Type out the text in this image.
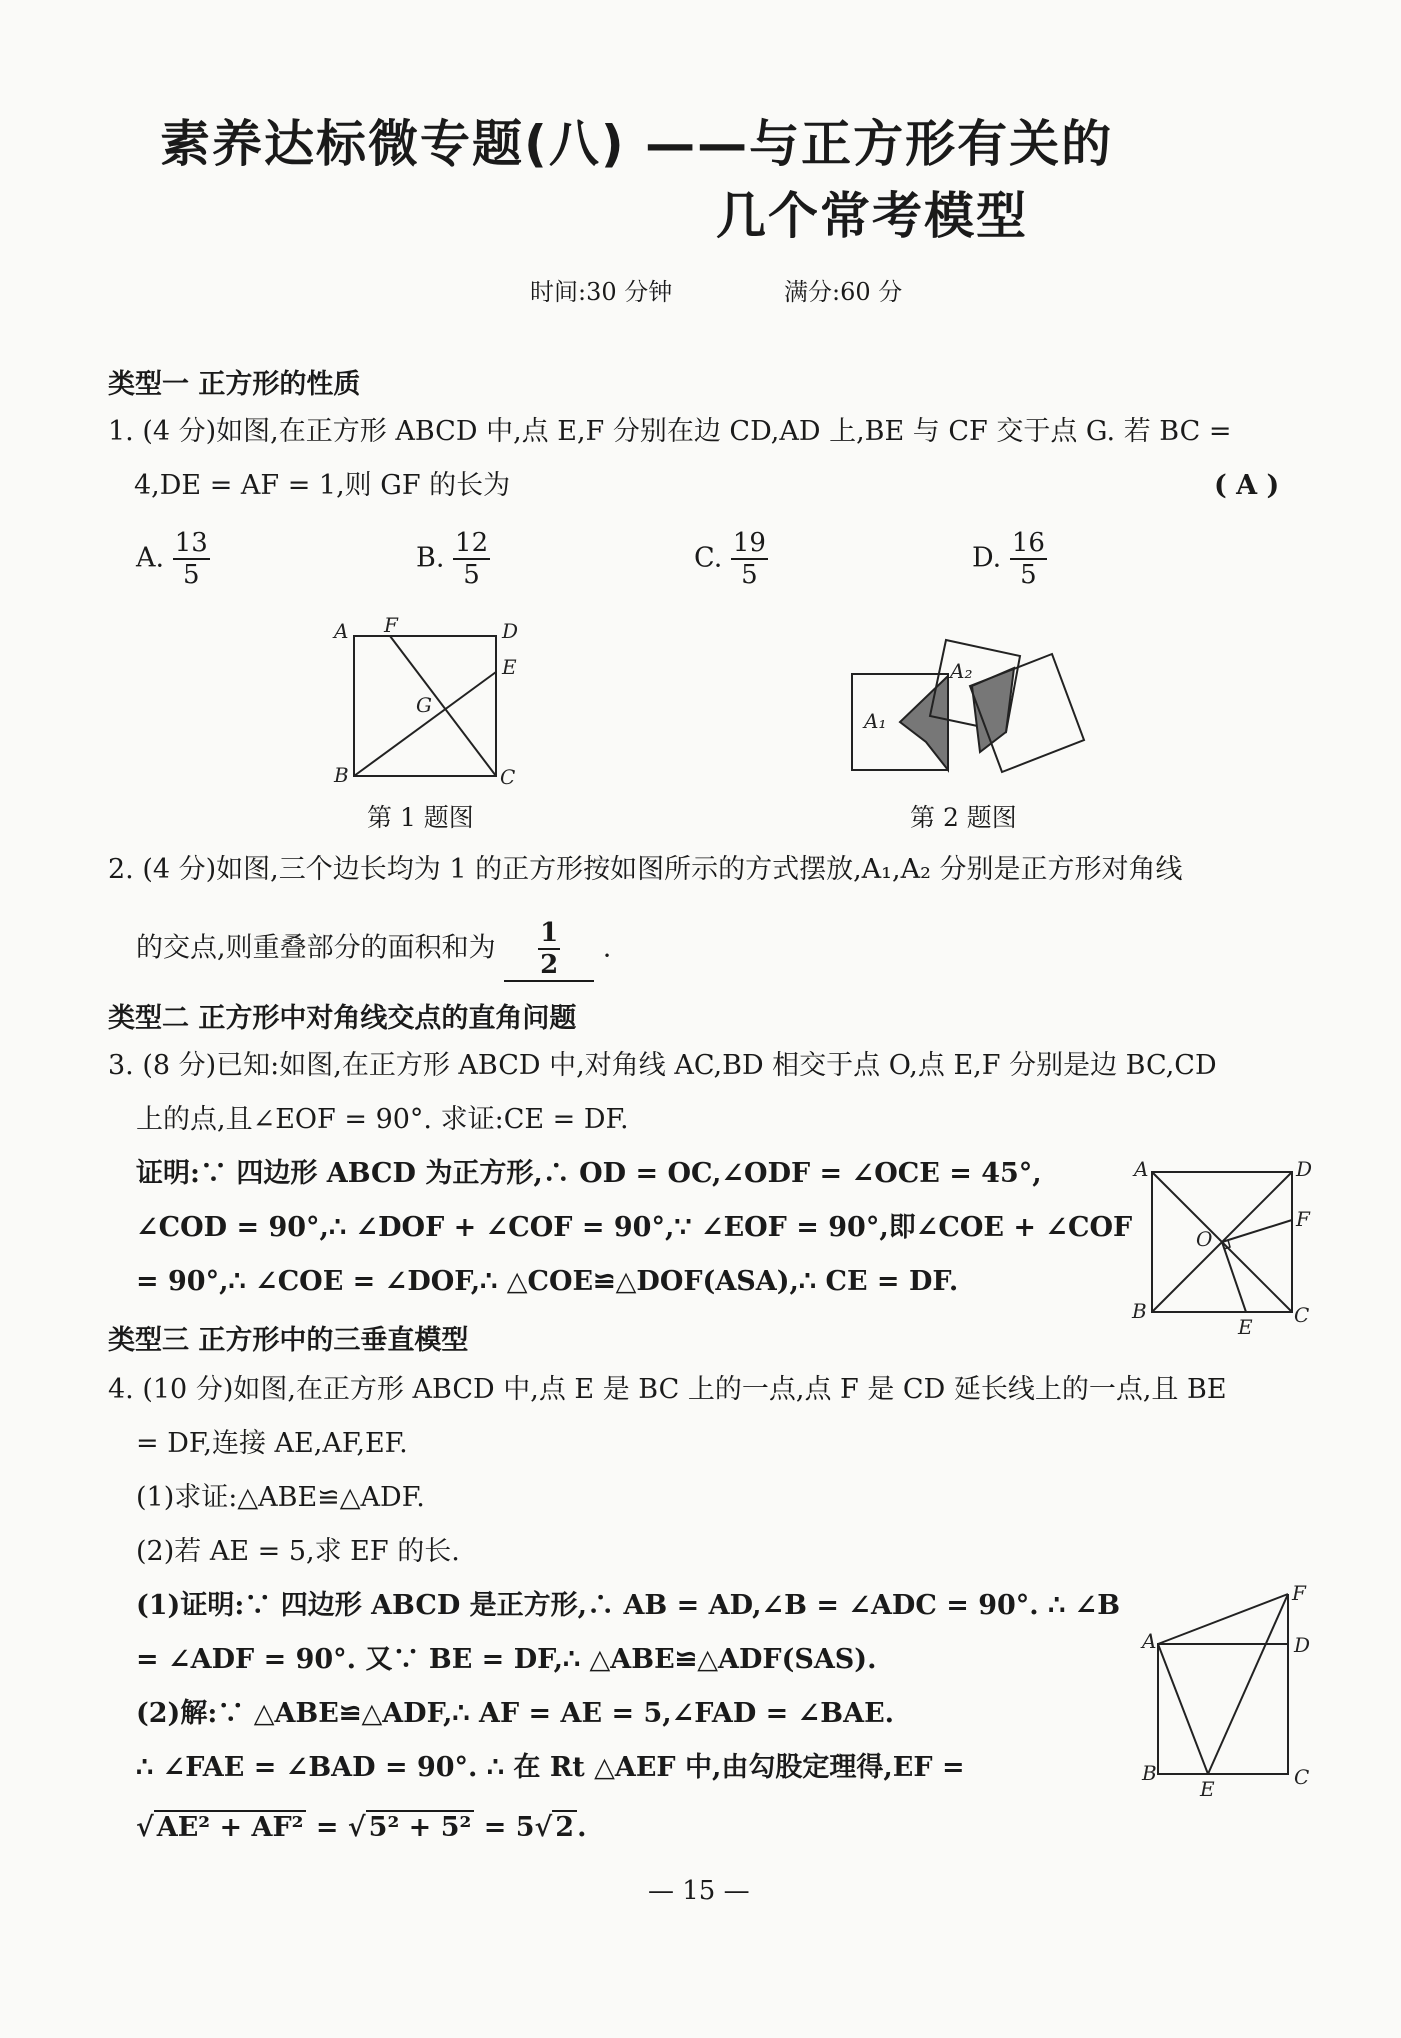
素养达标微专题(八) ——与正方形有关的
几个常考模型
时间:30 分钟	满分:60 分
类型一 正方形的性质
1. (4 分)如图,在正方形 ABCD 中,点 E,F 分别在边 CD,AD 上,BE 与 CF 交于点 G. 若 BC =
4,DE = AF = 1,则 GF 的长为	( A )
A. $\frac{13}{5}$	B. $\frac{12}{5}$	C. $\frac{19}{5}$	D. $\frac{16}{5}$
A F	D
E
G
B	C
第 1 题图
A₁
A₂
第 2 题图
2. (4 分)如图,三个边长均为 1 的正方形按如图所示的方式摆放,A₁,A₂ 分别是正方形对角线
的交点,则重叠部分的面积和为 $\frac{1}{2}$ .
类型二 正方形中对角线交点的直角问题
3. (8 分)已知:如图,在正方形 ABCD 中,对角线 AC,BD 相交于点 O,点 E,F 分别是边 BC,CD
上的点,且∠EOF = 90°. 求证:CE = DF.
证明:∵ 四边形 ABCD 为正方形,∴ OD = OC,∠ODF = ∠OCE = 45°,
∠COD = 90°,∴ ∠DOF + ∠COF = 90°,∵ ∠EOF = 90°,即∠COE + ∠COF
= 90°,∴ ∠COE = ∠DOF,∴ △COE≌△DOF(ASA),∴ CE = DF.
A	D
F
O
B
E C
类型三 正方形中的三垂直模型
4. (10 分)如图,在正方形 ABCD 中,点 E 是 BC 上的一点,点 F 是 CD 延长线上的一点,且 BE
= DF,连接 AE,AF,EF.
(1)求证:△ABE≌△ADF.
(2)若 AE = 5,求 EF 的长.
(1)证明:∵ 四边形 ABCD 是正方形,∴ AB = AD,∠B = ∠ADC = 90°. ∴ ∠B
= ∠ADF = 90°. 又∵ BE = DF,∴ △ABE≌△ADF(SAS).
(2)解:∵ △ABE≌△ADF,∴ AF = AE = 5,∠FAD = ∠BAE.
∴ ∠FAE = ∠BAD = 90°. ∴ 在 Rt △AEF 中,由勾股定理得,EF =
√ AE² + AF² = √ 5² + 5² = 5√ 2 .
F
A	D
B
E	C
— 15 —
